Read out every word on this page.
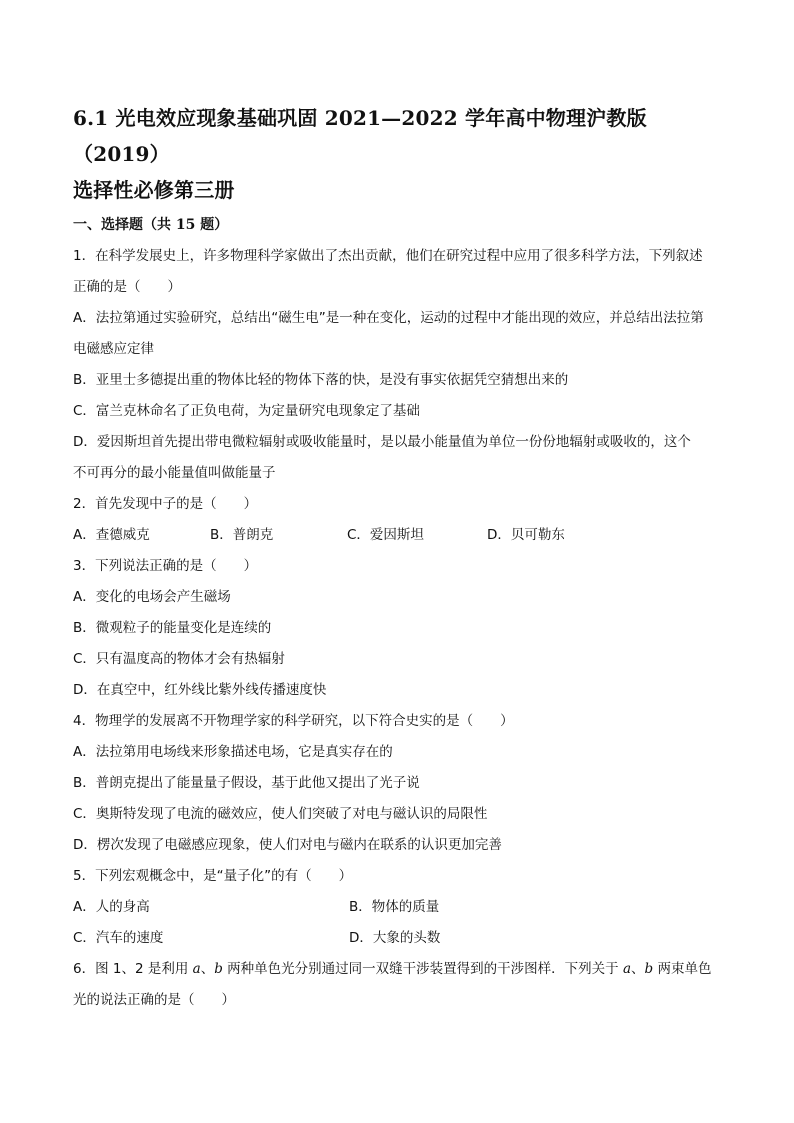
6.1 光电效应现象基础巩固 2021—2022 学年高中物理沪教版（2019）
选择性必修第三册
一、选择题（共 15 题）
1．在科学发展史上，许多物理科学家做出了杰出贡献，他们在研究过程中应用了很多科学方法，下列叙述
正确的是（　　）
A．法拉第通过实验研究，总结出“磁生电”是一种在变化，运动的过程中才能出现的效应，并总结出法拉第
电磁感应定律
B．亚里士多德提出重的物体比轻的物体下落的快，是没有事实依据凭空猜想出来的
C．富兰克林命名了正负电荷，为定量研究电现象定了基础
D．爱因斯坦首先提出带电微粒辐射或吸收能量时，是以最小能量值为单位一份份地辐射或吸收的，这个
不可再分的最小能量值叫做能量子
2．首先发现中子的是（　　）
A．查德威克	B．普朗克	C．爱因斯坦	D．贝可勒东
3．下列说法正确的是（　　）
A．变化的电场会产生磁场
B．微观粒子的能量变化是连续的
C．只有温度高的物体才会有热辐射
D．在真空中，红外线比紫外线传播速度快
4．物理学的发展离不开物理学家的科学研究，以下符合史实的是（　　）
A．法拉第用电场线来形象描述电场，它是真实存在的
B．普朗克提出了能量量子假设，基于此他又提出了光子说
C．奥斯特发现了电流的磁效应，使人们突破了对电与磁认识的局限性
D．楞次发现了电磁感应现象，使人们对电与磁内在联系的认识更加完善
5．下列宏观概念中，是“量子化”的有（　　）
A．人的身高	B．物体的质量
C．汽车的速度	D．大象的头数
6．图 1、2 是利用 a、b 两种单色光分别通过同一双缝干涉装置得到的干涉图样．下列关于 a、b 两束单色
光的说法正确的是（　　）
